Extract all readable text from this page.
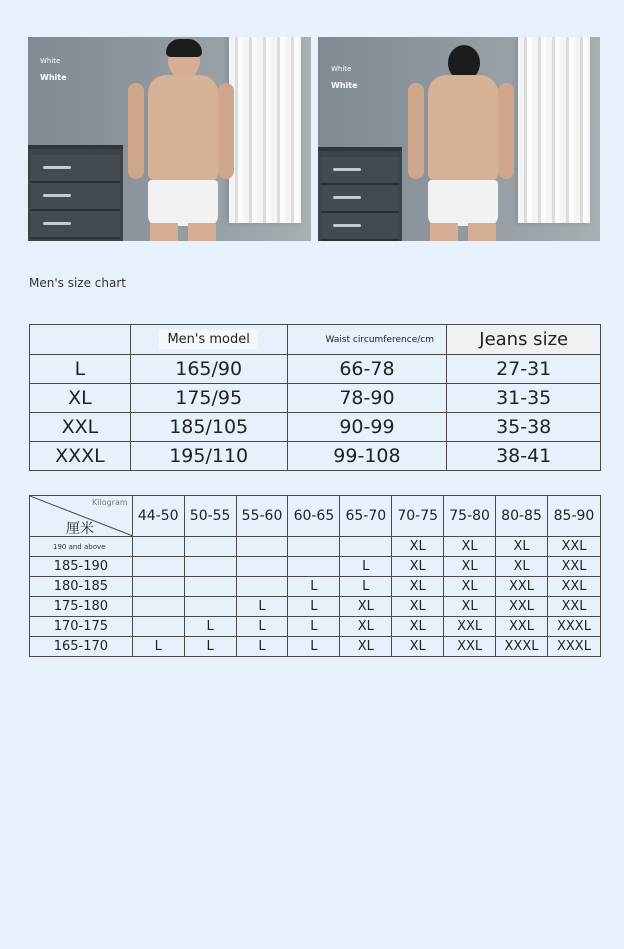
White
White
White
White
Men's size chart
	Men's model	Waist circumference/cm	Jeans size
L	165/90	66-78	27-31
XL	175/95	78-90	31-35
XXL	185/105	90-99	35-38
XXXL	195/110	99-108	38-41
Kilogram
厘米	44-50	50-55	55-60	60-65	65-70	70-75	75-80	80-85	85-90
190 and above						XL	XL	XL	XXL
185-190					L	XL	XL	XL	XXL
180-185				L	L	XL	XL	XXL	XXL
175-180			L	L	XL	XL	XL	XXL	XXL
170-175		L	L	L	XL	XL	XXL	XXL	XXXL
165-170	L	L	L	L	XL	XL	XXL	XXXL	XXXL
